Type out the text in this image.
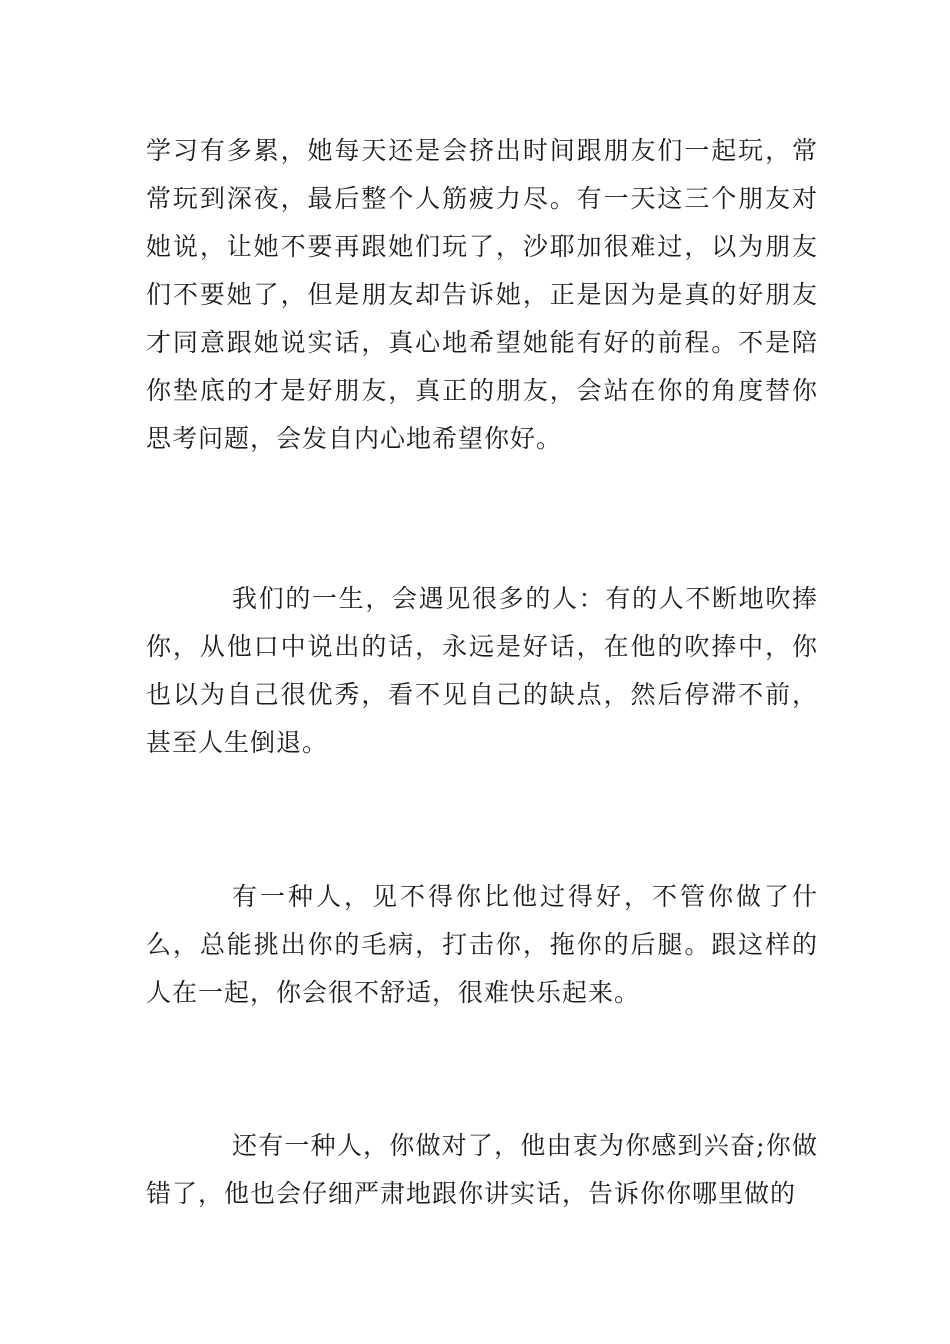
学习有多累，她每天还是会挤出时间跟朋友们一起玩，常常玩到深夜，最后整个人筋疲力尽。有一天这三个朋友对她说，让她不要再跟她们玩了，沙耶加很难过，以为朋友们不要她了，但是朋友却告诉她，正是因为是真的好朋友才同意跟她说实话，真心地希望她能有好的前程。不是陪你垫底的才是好朋友，真正的朋友，会站在你的角度替你思考问题，会发自内心地希望你好。

我们的一生，会遇见很多的人：有的人不断地吹捧你，从他口中说出的话，永远是好话，在他的吹捧中，你也以为自己很优秀，看不见自己的缺点，然后停滞不前，甚至人生倒退。

有一种人，见不得你比他过得好，不管你做了什么，总能挑出你的毛病，打击你，拖你的后腿。跟这样的人在一起，你会很不舒适，很难快乐起来。

还有一种人，你做对了，他由衷为你感到兴奋;你做错了，他也会仔细严肃地跟你讲实话，告诉你你哪里做的
